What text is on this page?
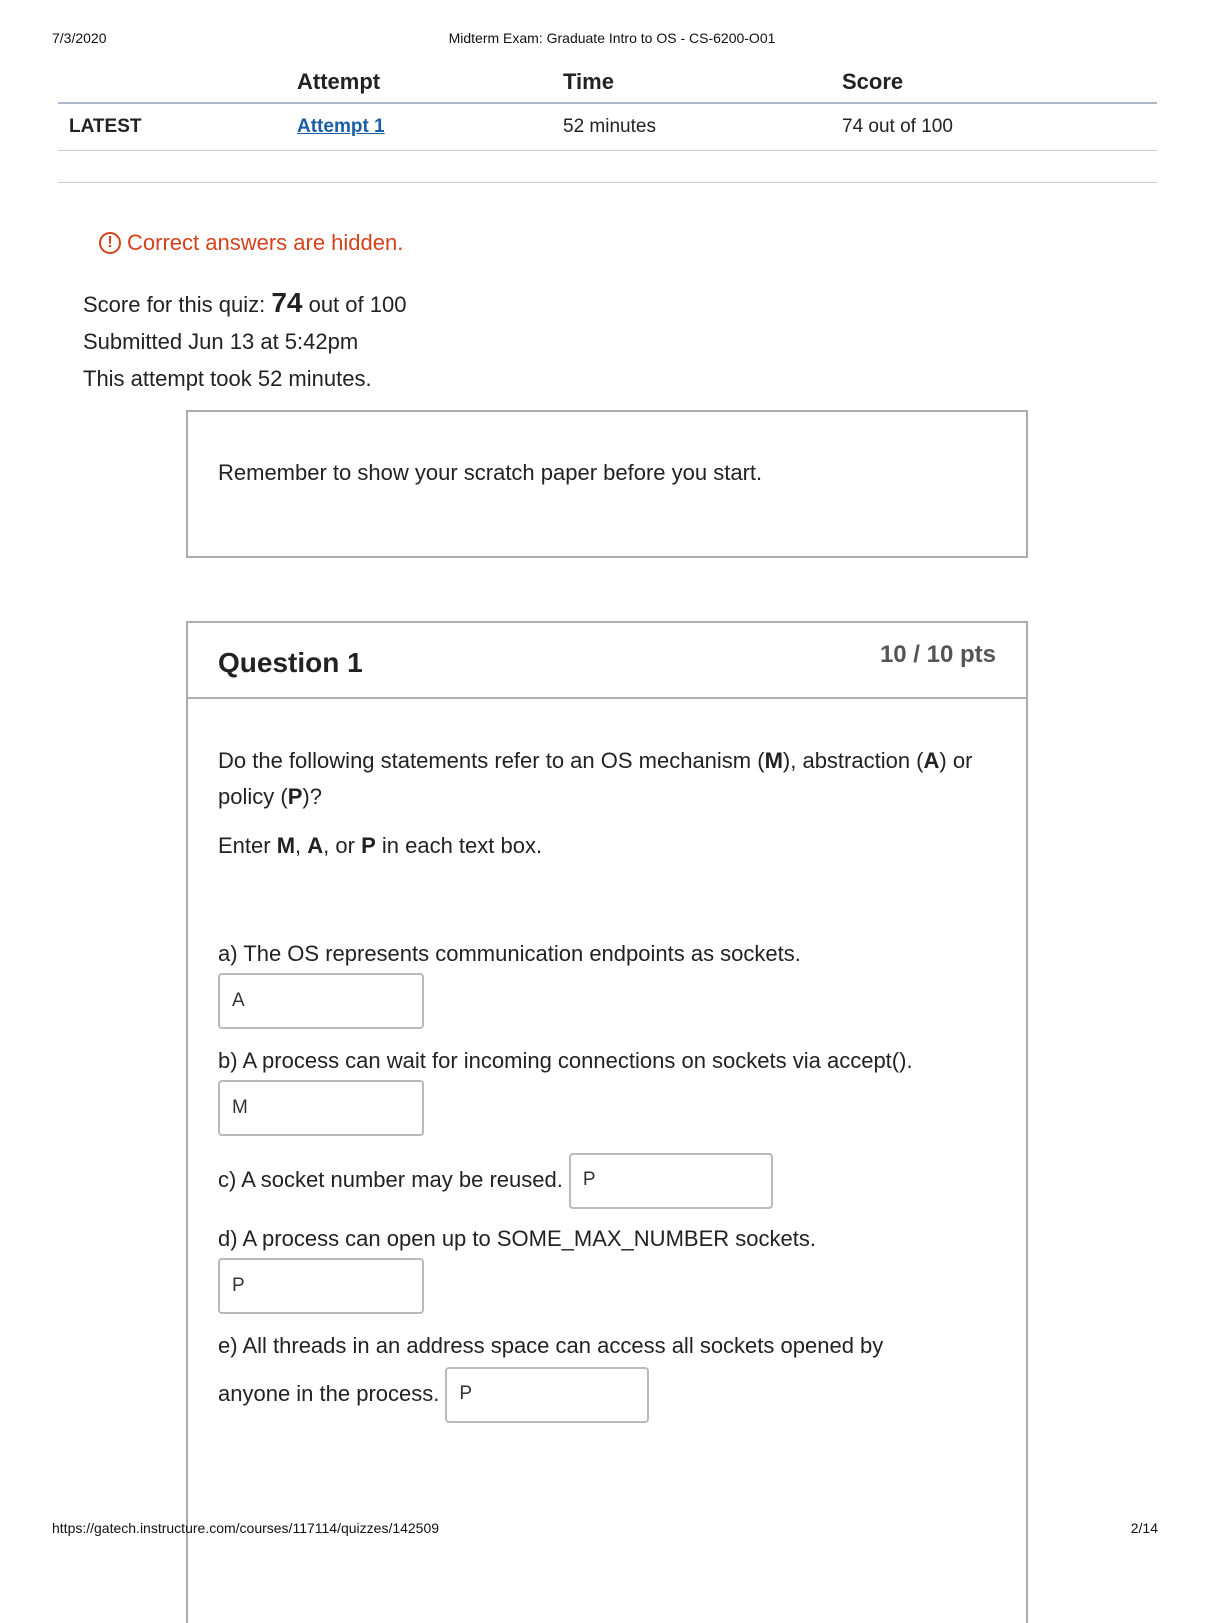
7/3/2020	Midterm Exam: Graduate Intro to OS - CS-6200-O01
	Attempt	Time	Score
LATEST	Attempt 1	52 minutes	74 out of 100
! Correct answers are hidden.
Score for this quiz: 74 out of 100
Submitted Jun 13 at 5:42pm
This attempt took 52 minutes.
Remember to show your scratch paper before you start.
Question 1	10 / 10 pts
Do the following statements refer to an OS mechanism (M), abstraction (A) or policy (P)?
Enter M, A, or P in each text box.
a) The OS represents communication endpoints as sockets.
A
b) A process can wait for incoming connections on sockets via accept().
M
c) A socket number may be reused. P
d) A process can open up to SOME_MAX_NUMBER sockets.
P
e) All threads in an address space can access all sockets opened by
anyone in the process. P
https://gatech.instructure.com/courses/117114/quizzes/142509	2/14
